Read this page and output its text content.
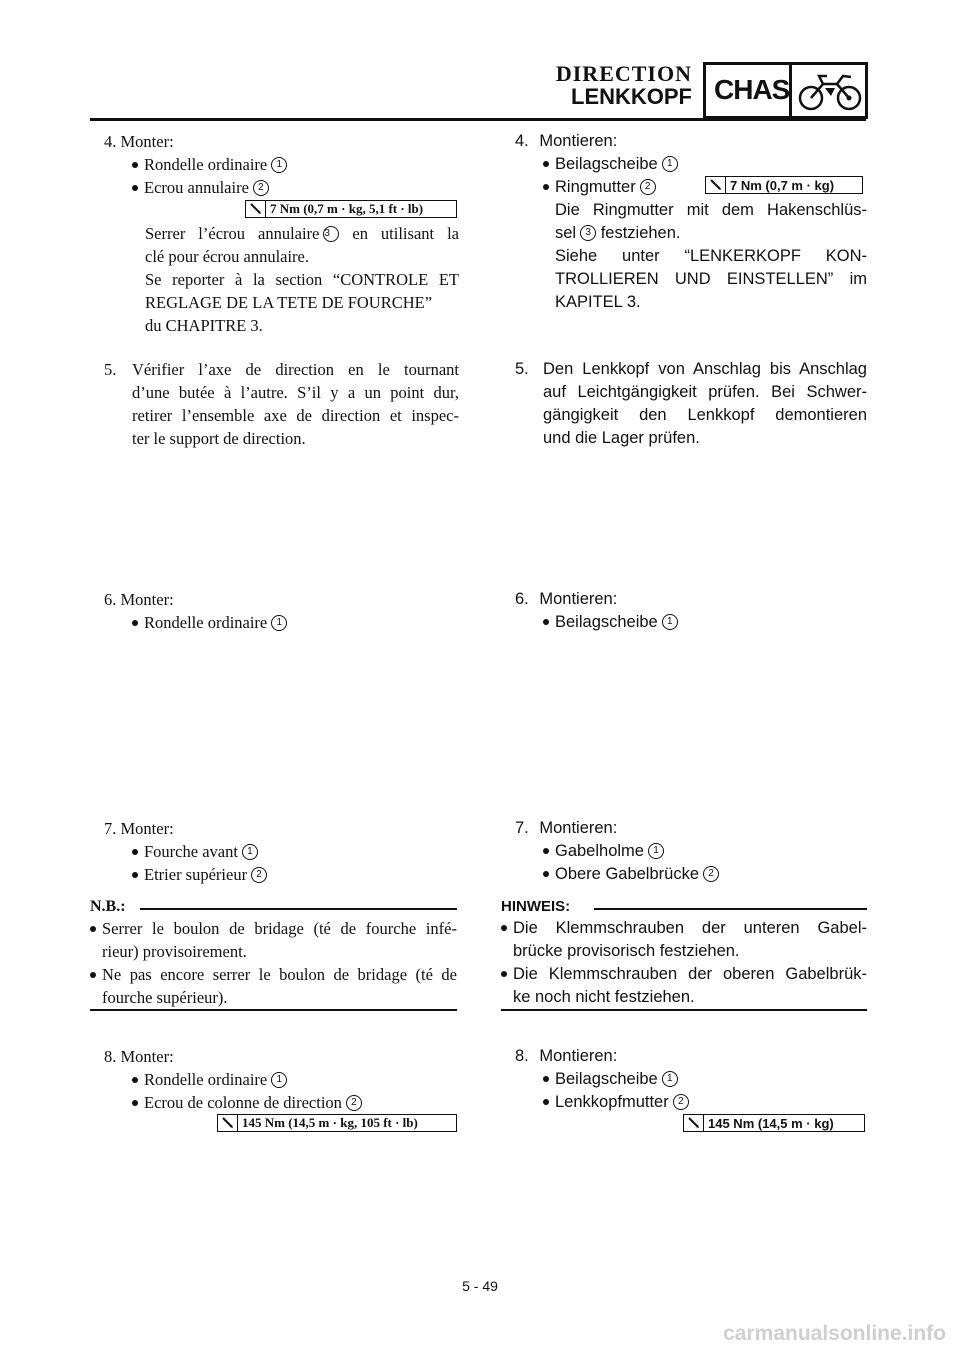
DIRECTION
LENKKOPF CHAS
4. Monter:
Rondelle ordinaire 1
Ecrou annulaire 2
7 Nm (0,7 m · kg, 5,1 ft · lb)
Serrer l’écrou annulaire 3 en utilisant la
clé pour écrou annulaire.
Se reporter à la section “CONTROLE ET
REGLAGE DE LA TETE DE FOURCHE”
du CHAPITRE 3.
5. Vérifier l’axe de direction en le tournant
d’une butée à l’autre. S’il y a un point dur,
retirer l’ensemble axe de direction et inspec-
ter le support de direction.
6. Monter:
Rondelle ordinaire 1
7. Monter:
Fourche avant 1
Etrier supérieur 2
N.B.:
Serrer le boulon de bridage (té de fourche infé-
rieur) provisoirement.
Ne pas encore serrer le boulon de bridage (té de
fourche supérieur).
8. Monter:
Rondelle ordinaire 1
Ecrou de colonne de direction 2
145 Nm (14,5 m · kg, 105 ft · lb)
4. Montieren:
Beilagscheibe 1
Ringmutter 2	7 Nm (0,7 m · kg)
Die Ringmutter mit dem Hakenschlüs-
sel 3 festziehen.
Siehe unter “LENKERKOPF KON-
TROLLIEREN UND EINSTELLEN” im
KAPITEL 3.
5. Den Lenkkopf von Anschlag bis Anschlag
auf Leichtgängigkeit prüfen. Bei Schwer-
gängigkeit den Lenkkopf demontieren
und die Lager prüfen.
6. Montieren:
Beilagscheibe 1
7. Montieren:
Gabelholme 1
Obere Gabelbrücke 2
HINWEIS:
Die Klemmschrauben der unteren Gabel-
brücke provisorisch festziehen.
Die Klemmschrauben der oberen Gabelbrük-
ke noch nicht festziehen.
8. Montieren:
Beilagscheibe 1
Lenkkopfmutter 2
145 Nm (14,5 m · kg)
5 - 49
carmanualsonline.info
